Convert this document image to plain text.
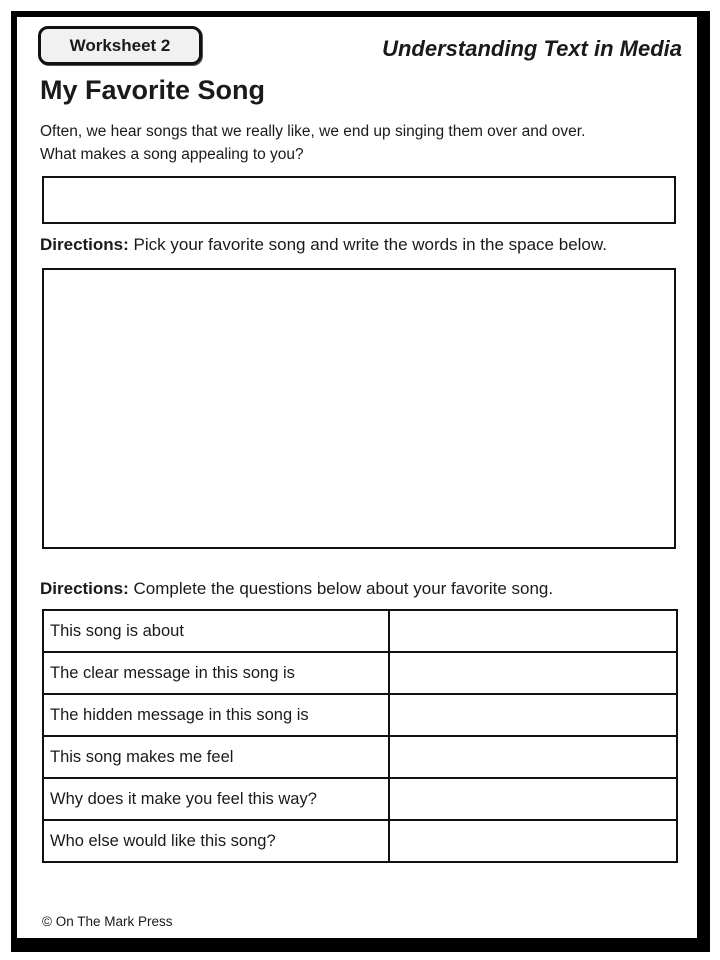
Worksheet 2	Understanding Text in Media
My Favorite Song
Often, we hear songs that we really like, we end up singing them over and over.
What makes a song appealing to you?
Directions: Pick your favorite song and write the words in the space below.
Directions: Complete the questions below about your favorite song.
This song is about	
The clear message in this song is	
The hidden message in this song is	
This song makes me feel	
Why does it make you feel this way?	
Who else would like this song?	
© On The Mark Press
